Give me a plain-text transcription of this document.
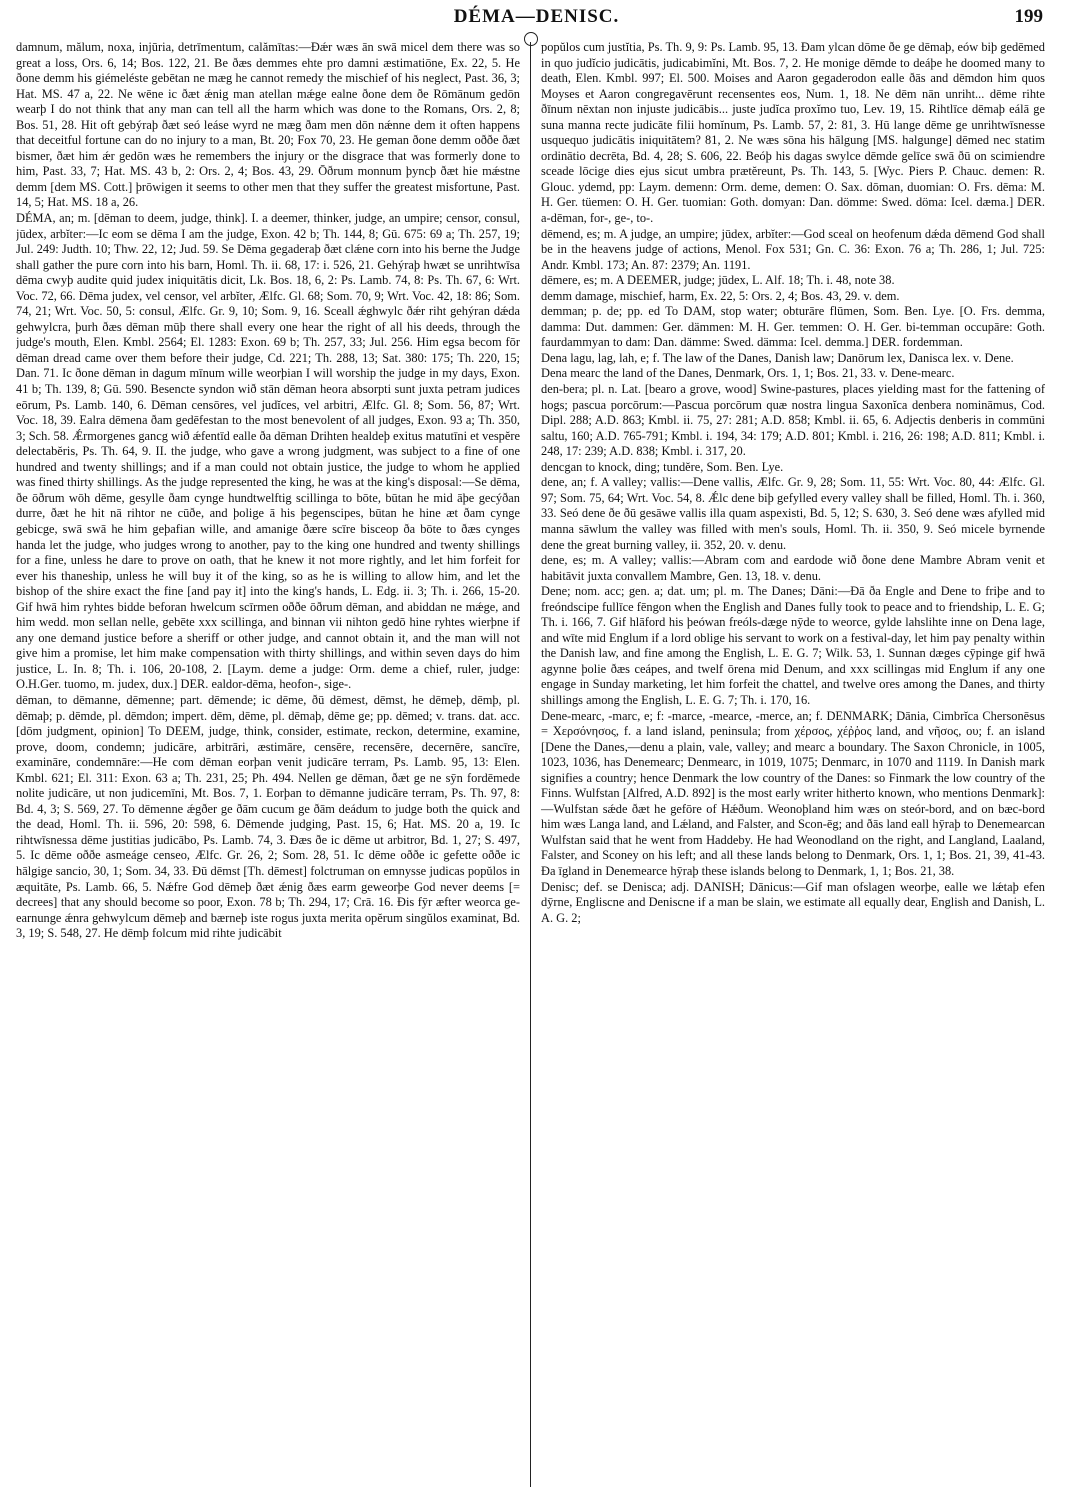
DÉMA—DENISC.	199

damnum, mălum, noxa, injūria, detrīmentum, calămītas:—Ðǽr wæs ān swā micel dem there was so great a loss, Ors. 6, 14; Bos. 122, 21. Be ðæs demmes ehte pro damni æstimatiōne, Ex. 22, 5. He ðone demm his giémeléste gebētan ne mæg he cannot remedy the mischief of his neglect, Past. 36, 3; Hat. MS. 47 a, 22. Ne wēne ic ðæt ǽnig man atellan mǽge ealne ðone dem ðe Rōmānum gedōn wearþ I do not think that any man can tell all the harm which was done to the Romans, Ors. 2, 8; Bos. 51, 28. Hit oft gebýraþ ðæt seó leáse wyrd ne mæg ðam men dōn nǽnne dem it often happens that deceitful fortune can do no injury to a man, Bt. 20; Fox 70, 23. He geman ðone demm oððe ðæt bismer, ðæt him ǽr gedōn wæs he remembers the injury or the disgrace that was formerly done to him, Past. 33, 7; Hat. MS. 43 b, 2: Ors. 2, 4; Bos. 43, 29. Ōðrum monnum þyncþ ðæt hie mǽstne demm [dem MS. Cott.] þrōwigen it seems to other men that they suffer the greatest misfortune, Past. 14, 5; Hat. MS. 18 a, 26.

DÉMA, an; m. [dēman to deem, judge, think]. I. a deemer, thinker, judge, an umpire; censor, consul, jūdex, arbĭter:—Ic eom se dēma I am the judge, Exon. 42 b; Th. 144, 8; Gū. 675: 69 a; Th. 257, 19; Jul. 249: Judth. 10; Thw. 22, 12; Jud. 59. Se Dēma gegaderaþ ðæt clǽne corn into his berne the Judge shall gather the pure corn into his barn, Homl. Th. ii. 68, 17: i. 526, 21. Gehýraþ hwæt se unrihtwīsa dēma cwyþ audite quid judex iniquitātis dicit, Lk. Bos. 18, 6, 2: Ps. Lamb. 74, 8: Ps. Th. 67, 6: Wrt. Voc. 72, 66. Dēma judex, vel censor, vel arbĭter, Ælfc. Gl. 68; Som. 70, 9; Wrt. Voc. 42, 18: 86; Som. 74, 21; Wrt. Voc. 50, 5: consul, Ælfc. Gr. 9, 10; Som. 9, 16. Sceall ǽghwylc ðǽr riht gehýran dǽda gehwylcra, þurh ðæs dēman mūþ there shall every one hear the right of all his deeds, through the judge's mouth, Elen. Kmbl. 2564; El. 1283: Exon. 69 b; Th. 257, 33; Jul. 256. Him egsa becom fōr dēman dread came over them before their judge, Cd. 221; Th. 288, 13; Sat. 380: 175; Th. 220, 15; Dan. 71. Ic ðone dēman in dagum mīnum wille weorþian I will worship the judge in my days, Exon. 41 b; Th. 139, 8; Gū. 590. Besencte syndon wið stān dēman heora absorpti sunt juxta petram judices eōrum, Ps. Lamb. 140, 6. Dēman censōres, vel judĭces, vel arbitri, Ælfc. Gl. 8; Som. 56, 87; Wrt. Voc. 18, 39. Ealra dēmena ðam gedēfestan to the most benevolent of all judges, Exon. 93 a; Th. 350, 3; Sch. 58. Ǽrmorgenes gancg wið ǽfentīd ealle ða dēman Drihten healdeþ exitus matutīni et vespĕre delectabĕris, Ps. Th. 64, 9. II. the judge, who gave a wrong judgment, was subject to a fine of one hundred and twenty shillings; and if a man could not obtain justice, the judge to whom he applied was fined thirty shillings. As the judge represented the king, he was at the king's disposal:—Se dēma, ðe ōðrum wōh dēme, gesylle ðam cynge hundtwelftig scillinga to bōte, būtan he mid āþe gecýðan durre, ðæt he hit nā rihtor ne cūðe, and þolige ā his þegenscipes, būtan he hine æt ðam cynge gebicge, swā swā he him geþafian wille, and amanige ðære scīre bisceop ða bōte to ðæs cynges handa let the judge, who judges wrong to another, pay to the king one hundred and twenty shillings for a fine, unless he dare to prove on oath, that he knew it not more rightly, and let him forfeit for ever his thaneship, unless he will buy it of the king, so as he is willing to allow him, and let the bishop of the shire exact the fine [and pay it] into the king's hands, L. Edg. ii. 3; Th. i. 266, 15-20. Gif hwā him ryhtes bidde beforan hwelcum scīrmen oððe ōðrum dēman, and abiddan ne mǽge, and him wedd. mon sellan nelle, gebēte xxx scillinga, and binnan vii nihton gedō hine ryhtes wierþne if any one demand justice before a sheriff or other judge, and cannot obtain it, and the man will not give him a promise, let him make compensation with thirty shillings, and within seven days do him justice, L. In. 8; Th. i. 106, 20-108, 2. [Laym. deme a judge: Orm. deme a chief, ruler, judge: O.H.Ger. tuomo, m. judex, dux.] DER. ealdor-dēma, heofon-, sige-.

dēman, to dēmanne, dēmenne; part. dēmende; ic dēme, ðū dēmest, dēmst, he dēmeþ, dēmþ, pl. dēmaþ; p. dēmde, pl. dēmdon; impert. dēm, dēme, pl. dēmaþ, dēme ge; pp. dēmed; v. trans. dat. acc. [dōm judgment, opinion] To DEEM, judge, think, consider, estimate, reckon, determine, examine, prove, doom, condemn; judicāre, arbitrāri, æstimāre, censēre, recensēre, decernēre, sancīre, examināre, condemnāre:—He com dēman eorþan venit judicāre terram, Ps. Lamb. 95, 13: Elen. Kmbl. 621; El. 311: Exon. 63 a; Th. 231, 25; Ph. 494. Nellen ge dēman, ðæt ge ne sȳn fordēmede nolite judicāre, ut non judicemīni, Mt. Bos. 7, 1. Eorþan to dēmanne judicāre terram, Ps. Th. 97, 8: Bd. 4, 3; S. 569, 27. To dēmenne ǽgðer ge ðām cucum ge ðām deádum to judge both the quick and the dead, Homl. Th. ii. 596, 20: 598, 6. Dēmende judging, Past. 15, 6; Hat. MS. 20 a, 19. Ic rihtwīsnessa dēme justitias judicābo, Ps. Lamb. 74, 3. Ðæs ðe ic dēme ut arbitror, Bd. 1, 27; S. 497, 5. Ic dēme oððe asmeáge censeo, Ælfc. Gr. 26, 2; Som. 28, 51. Ic dēme oððe ic gefette oððe ic hālgige sancio, 30, 1; Som. 34, 33. Ðū dēmst [Th. dēmest] folctruman on emnysse judicas popŭlos in æquitāte, Ps. Lamb. 66, 5. Nǽfre God dēmeþ ðæt ǽnig ðæs earm geweorþe God never deems [= decrees] that any should become so poor, Exon. 78 b; Th. 294, 17; Crā. 16. Ðis fȳr æfter weorca ge-earnunge ǽnra gehwylcum dēmeþ and bærneþ iste rogus juxta merita opĕrum singŭlos examinat, Bd. 3, 19; S. 548, 27. He dēmþ folcum mid rihte judicābit

popŭlos cum justĭtia, Ps. Th. 9, 9: Ps. Lamb. 95, 13. Ðam ylcan dōme ðe ge dēmaþ, eów biþ gedēmed in quo judĭcio judicātis, judicabimĭni, Mt. Bos. 7, 2. He monige dēmde to deáþe he doomed many to death, Elen. Kmbl. 997; El. 500. Moises and Aaron gegaderodon ealle ðās and dēmdon him quos Moyses et Aaron congregavērunt recensentes eos, Num. 1, 18. Ne dēm nān unriht... dēme rihte ðīnum nēxtan non injuste judicābis... juste judĭca proxĭmo tuo, Lev. 19, 15. Rihtlīce dēmaþ eálā ge suna manna recte judicāte filii homĭnum, Ps. Lamb. 57, 2: 81, 3. Hū lange dēme ge unrihtwīsnesse usquequo judicātis iniquitātem? 81, 2. Ne wæs sōna his hālgung [MS. halgunge] dēmed nec statim ordinātio decrēta, Bd. 4, 28; S. 606, 22. Beóþ his dagas swylce dēmde gelīce swā ðū on scimiendre sceade lōcige dies ejus sicut umbra prætĕreunt, Ps. Th. 143, 5. [Wyc. Piers P. Chauc. demen: R. Glouc. ydemd, pp: Laym. demenn: Orm. deme, demen: O. Sax. dōman, duomian: O. Frs. dēma: M. H. Ger. tüemen: O. H. Ger. tuomian: Goth. domyan: Dan. dömme: Swed. döma: Icel. dæma.] DER. a-dēman, for-, ge-, to-.

dēmend, es; m. A judge, an umpire; jūdex, arbĭter:—God sceal on heofenum dǽda dēmend God shall be in the heavens judge of actions, Menol. Fox 531; Gn. C. 36: Exon. 76 a; Th. 286, 1; Jul. 725: Andr. Kmbl. 173; An. 87: 2379; An. 1191.

dēmere, es; m. A DEEMER, judge; jūdex, L. Alf. 18; Th. i. 48, note 38.

demm damage, mischief, harm, Ex. 22, 5: Ors. 2, 4; Bos. 43, 29. v. dem.

demman; p. de; pp. ed To DAM, stop water; obturāre flūmen, Som. Ben. Lye. [O. Frs. demma, damma: Dut. dammen: Ger. dämmen: M. H. Ger. temmen: O. H. Ger. bi-temman occupāre: Goth. faurdammyan to dam: Dan. dämme: Swed. dämma: Icel. demma.] DER. fordemman.

Dena lagu, lag, lah, e; f. The law of the Danes, Danish law; Danōrum lex, Danisca lex. v. Dene.

Dena mearc the land of the Danes, Denmark, Ors. 1, 1; Bos. 21, 33. v. Dene-mearc.

den-bera; pl. n. Lat. [bearo a grove, wood] Swine-pastures, places yielding mast for the fattening of hogs; pascua porcōrum:—Pascua porcōrum quæ nostra lingua Saxonĭca denbera nomināmus, Cod. Dipl. 288; A.D. 863; Kmbl. ii. 75, 27: 281; A.D. 858; Kmbl. ii. 65, 6. Adjectis denberis in commūni saltu, 160; A.D. 765-791; Kmbl. i. 194, 34: 179; A.D. 801; Kmbl. i. 216, 26: 198; A.D. 811; Kmbl. i. 248, 17: 239; A.D. 838; Kmbl. i. 317, 20.

dencgan to knock, ding; tundĕre, Som. Ben. Lye.

dene, an; f. A valley; vallis:—Dene vallis, Ælfc. Gr. 9, 28; Som. 11, 55: Wrt. Voc. 80, 44: Ælfc. Gl. 97; Som. 75, 64; Wrt. Voc. 54, 8. Ǽlc dene biþ gefylled every valley shall be filled, Homl. Th. i. 360, 33. Seó dene ðe ðū gesāwe vallis illa quam aspexisti, Bd. 5, 12; S. 630, 3. Seó dene wæs afylled mid manna sāwlum the valley was filled with men's souls, Homl. Th. ii. 350, 9. Seó micele byrnende dene the great burning valley, ii. 352, 20. v. denu.

dene, es; m. A valley; vallis:—Abram com and eardode wið ðone dene Mambre Abram venit et habitāvit juxta convallem Mambre, Gen. 13, 18. v. denu.

Dene; nom. acc; gen. a; dat. um; pl. m. The Danes; Dāni:—Ðā ða Engle and Dene to friþe and to freóndscipe fullīce fēngon when the English and Danes fully took to peace and to friendship, L. E. G; Th. i. 166, 7. Gif hlāford his þeówan freóls-dæge nȳde to weorce, gylde lahslihte inne on Dena lage, and wīte mid Englum if a lord oblige his servant to work on a festival-day, let him pay penalty within the Danish law, and fine among the English, L. E. G. 7; Wilk. 53, 1. Sunnan dæges cȳpinge gif hwā agynne þolie ðæs ceápes, and twelf ōrena mid Denum, and xxx scillingas mid Englum if any one engage in Sunday marketing, let him forfeit the chattel, and twelve ores among the Danes, and thirty shillings among the English, L. E. G. 7; Th. i. 170, 16.

Dene-mearc, -marc, e; f: -marce, -mearce, -merce, an; f. DENMARK; Dānia, Cimbrĭca Chersonēsus = Χερσόνησος, f. a land island, peninsula; from χέρσος, χέῤῥος land, and νῆσος, ου; f. an island [Dene the Danes,—denu a plain, vale, valley; and mearc a boundary. The Saxon Chronicle, in 1005, 1023, 1036, has Denemearc; Denmearc, in 1019, 1075; Denmarc, in 1070 and 1119. In Danish mark signifies a country; hence Denmark the low country of the Danes: so Finmark the low country of the Finns. Wulfstan [Alfred, A.D. 892] is the most early writer hitherto known, who mentions Denmark]:—Wulfstan sǽde ðæt he gefōre of Hǽðum. Weonoþland him wæs on steór-bord, and on bæc-bord him wæs Langa land, and Lǽland, and Falster, and Scon-ēg; and ðās land eall hȳraþ to Denemearcan Wulfstan said that he went from Haddeby. He had Weonodland on the right, and Langland, Laaland, Falster, and Sconey on his left; and all these lands belong to Denmark, Ors. 1, 1; Bos. 21, 39, 41-43. Ða īgland in Denemearce hȳraþ these islands belong to Denmark, 1, 1; Bos. 21, 38.

Denisc; def. se Denisca; adj. DANISH; Dānicus:—Gif man ofslagen weorþe, ealle we lǽtaþ efen dȳrne, Engliscne and Deniscne if a man be slain, we estimate all equally dear, English and Danish, L. A. G. 2;
